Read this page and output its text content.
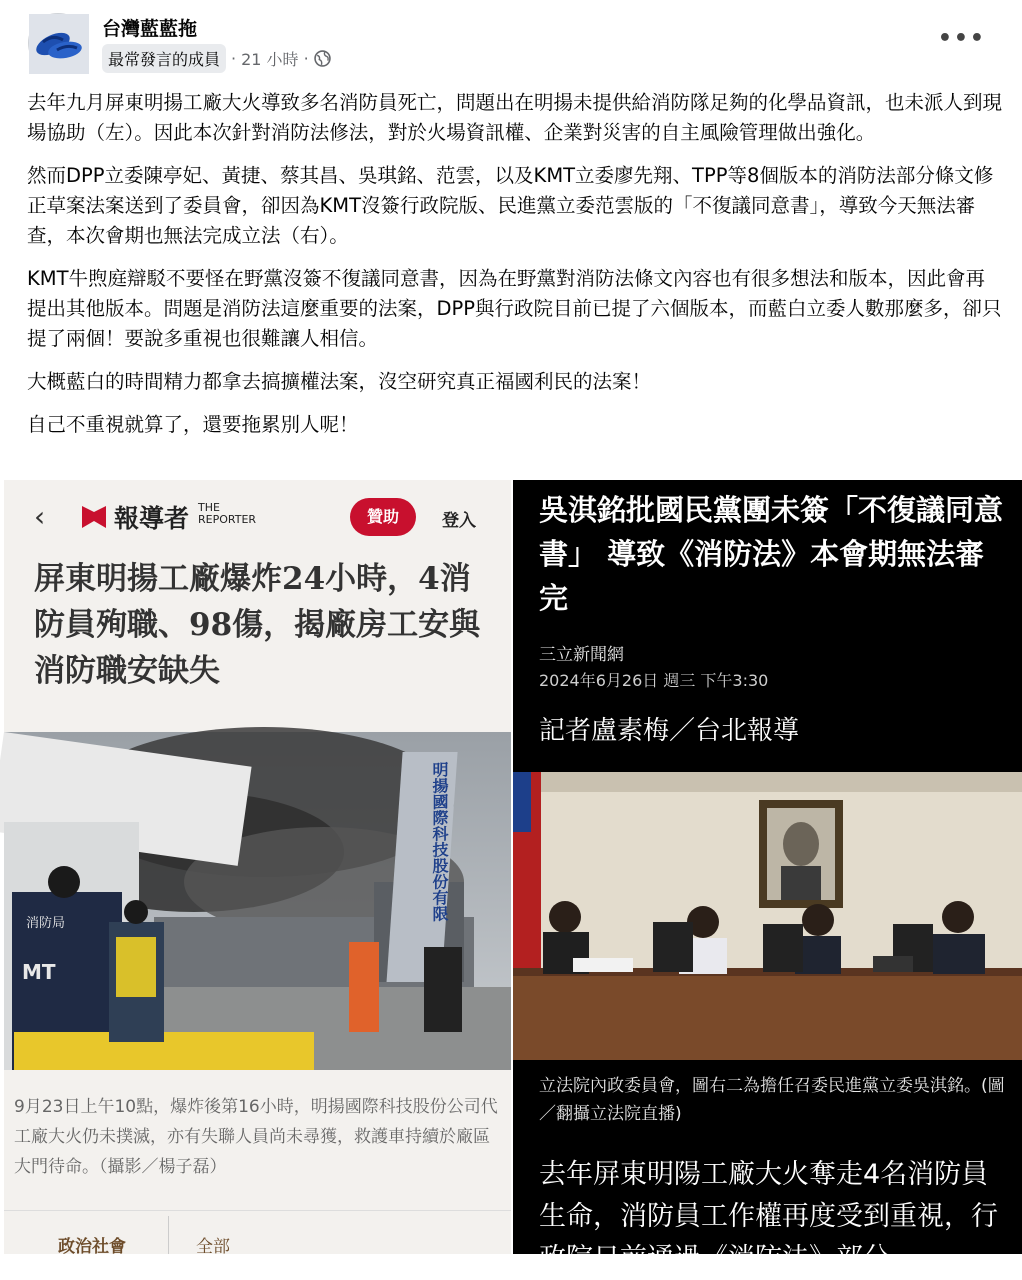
台灣藍藍拖
最常發言的成員 · 21 小時 ·
•••

去年九月屏東明揚工廠大火導致多名消防員死亡，問題出在明揚未提供給消防隊足夠的化學品資訊，也未派人到現場協助（左）。因此本次針對消防法修法，對於火場資訊權、企業對災害的自主風險管理做出強化。

然而DPP立委陳亭妃、黃捷、蔡其昌、吳琪銘、范雲，以及KMT立委廖先翔、TPP等8個版本的消防法部分條文修正草案法案送到了委員會，卻因為KMT沒簽行政院版、民進黨立委范雲版的「不復議同意書」，導致今天無法審查，本次會期也無法完成立法（右）。

KMT牛煦庭辯駁不要怪在野黨沒簽不復議同意書，因為在野黨對消防法條文內容也有很多想法和版本，因此會再提出其他版本。問題是消防法這麼重要的法案，DPP與行政院目前已提了六個版本，而藍白立委人數那麼多，卻只提了兩個！要說多重視也很難讓人相信。

大概藍白的時間精力都拿去搞擴權法案，沒空研究真正福國利民的法案！

自己不重視就算了，還要拖累別人呢！

‹	報導者 THE
REPORTER	贊助	登入
屏東明揚工廠爆炸24小時，4消防員殉職、98傷，揭廠房工安與消防職安缺失
明揚國際科技股份有限
消防局
MT
9月23日上午10點，爆炸後第16小時，明揚國際科技股份公司代工廠大火仍未撲滅，亦有失聯人員尚未尋獲，救護車持續於廠區大門待命。（攝影／楊子磊）
政治社會	全部
吳淇銘批國民黨團未簽「不復議同意書」 導致《消防法》本會期無法審完
三立新聞網
2024年6月26日 週三 下午3:30
記者盧素梅／台北報導
立法院內政委員會，圖右二為擔任召委民進黨立委吳淇銘。(圖／翻攝立法院直播)
去年屏東明陽工廠大火奪走4名消防員生命，消防員工作權再度受到重視，行政院日前通過《消防法》部分
